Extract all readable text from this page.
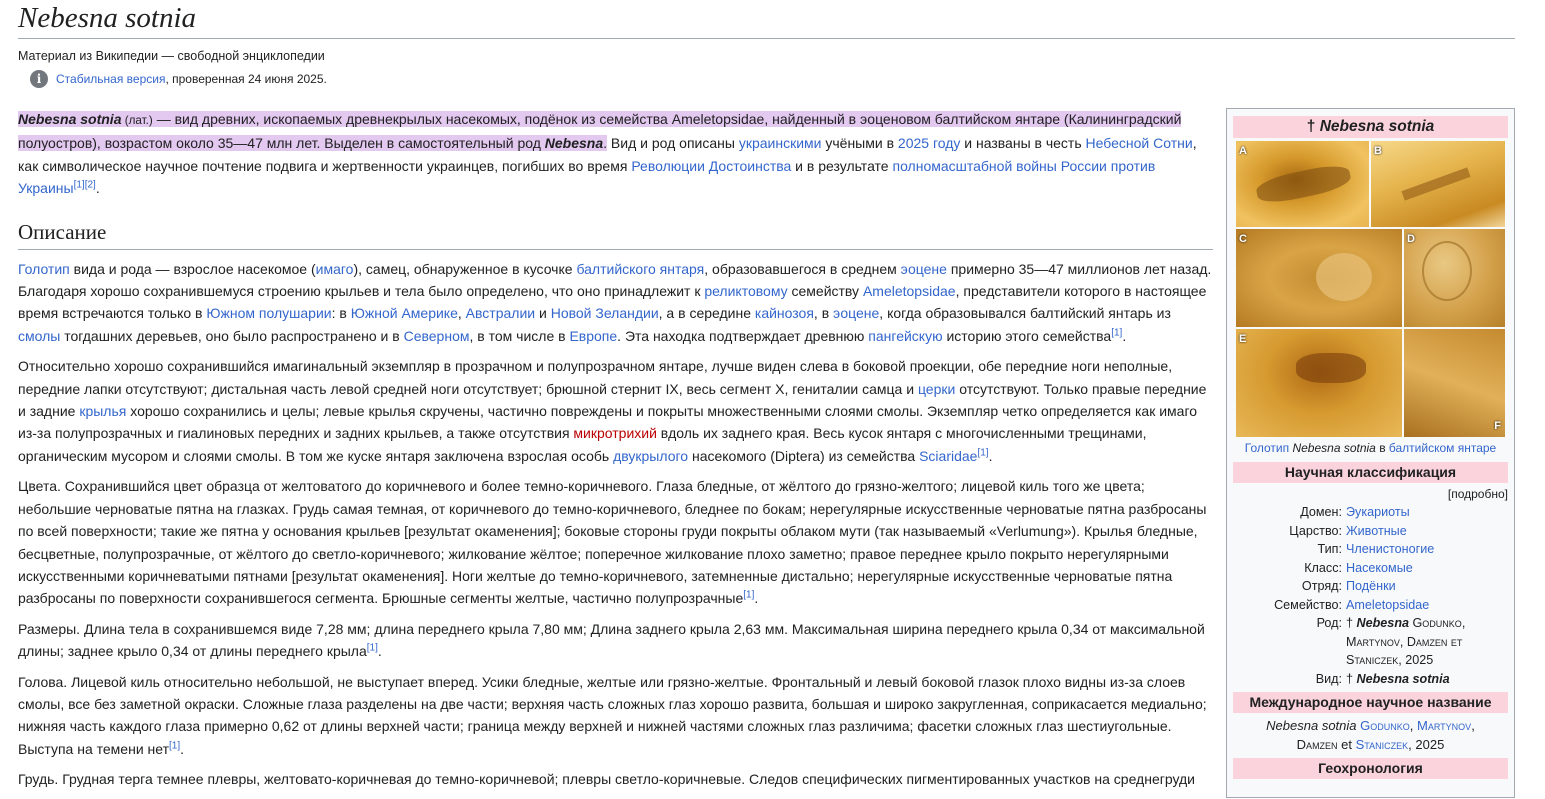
Nebesna sotnia
Материал из Википедии — свободной энциклопедии
i	Стабильная версия , проверенная 24 июня 2025.

Nebesna sotnia (лат.) — вид древних, ископаемых древнекрылых насекомых, подёнок из семейства Ameletopsidae, найденный в эоценовом балтийском янтаре (Калининградский полуостров), возрастом около 35—47 млн лет. Выделен в самостоятельный род Nebesna. Вид и род описаны украинскими учёными в 2025 году и названы в честь Небесной Сотни, как символическое научное почтение подвига и жертвенности украинцев, погибших во время Революции Достоинства и в результате полномасштабной войны России против Украины[1][2].

Описание

Голотип вида и рода — взрослое насекомое (имаго), самец, обнаруженное в кусочке балтийского янтаря, образовавшегося в среднем эоцене примерно 35—47 миллионов лет назад. Благодаря хорошо сохранившемуся строению крыльев и тела было определено, что оно принадлежит к реликтовому семейству Ameletopsidae, представители которого в настоящее время встречаются только в Южном полушарии: в Южной Америке, Австралии и Новой Зеландии, а в середине кайнозоя, в эоцене, когда образовывался балтийский янтарь из смолы тогдашних деревьев, оно было распространено и в Северном, в том числе в Европе. Эта находка подтверждает древнюю пангейскую историю этого семейства[1].

Относительно хорошо сохранившийся имагинальный экземпляр в прозрачном и полупрозрачном янтаре, лучше виден слева в боковой проекции, обе передние ноги неполные, передние лапки отсутствуют; дистальная часть левой средней ноги отсутствует; брюшной стернит IX, весь сегмент X, гениталии самца и церки отсутствуют. Только правые передние и задние крылья хорошо сохранились и целы; левые крылья скручены, частично повреждены и покрыты множественными слоями смолы. Экземпляр четко определяется как имаго из-за полупрозрачных и гиалиновых передних и задних крыльев, а также отсутствия микротрихий вдоль их заднего края. Весь кусок янтаря с многочисленными трещинами, органическим мусором и слоями смолы. В том же куске янтаря заключена взрослая особь двукрылого насекомого (Diptera) из семейства Sciaridae[1].

Цвета. Сохранившийся цвет образца от желтоватого до коричневого и более темно-коричневого. Глаза бледные, от жёлтого до грязно-желтого; лицевой киль того же цвета; небольшие черноватые пятна на глазках. Грудь самая темная, от коричневого до темно-коричневого, бледнее по бокам; нерегулярные искусственные черноватые пятна разбросаны по всей поверхности; такие же пятна у основания крыльев [результат окаменения]; боковые стороны груди покрыты облаком мути (так называемый «Verlumung»). Крылья бледные, бесцветные, полупрозрачные, от жёлтого до светло-коричневого; жилкование жёлтое; поперечное жилкование плохо заметно; правое переднее крыло покрыто нерегулярными искусственными коричневатыми пятнами [результат окаменения]. Ноги желтые до темно-коричневого, затемненные дистально; нерегулярные искусственные черноватые пятна разбросаны по поверхности сохранившегося сегмента. Брюшные сегменты желтые, частично полупрозрачные[1].

Размеры. Длина тела в сохранившемся виде 7,28 мм; длина переднего крыла 7,80 мм; Длина заднего крыла 2,63 мм. Максимальная ширина переднего крыла 0,34 от максимальной длины; заднее крыло 0,34 от длины переднего крыла[1].

Голова. Лицевой киль относительно небольшой, не выступает вперед. Усики бледные, желтые или грязно-желтые. Фронтальный и левый боковой глазок плохо видны из-за слоев смолы, все без заметной окраски. Сложные глаза разделены на две части; верхняя часть сложных глаз хорошо развита, большая и широко закругленная, соприкасается медиально; нижняя часть каждого глаза примерно 0,62 от длины верхней части; граница между верхней и нижней частями сложных глаз различима; фасетки сложных глаз шестиугольные. Выступа на темени нет[1].

Грудь. Грудная терга темнее плевры, желтовато-коричневая до темно-коричневой; плевры светло-коричневые. Следов специфических пигментированных участков на среднегруди

† Nebesna sotnia
A	B
C	D
E
F
Голотип Nebesna sotnia в балтийском янтаре
Научная классификация
[подробно]
Домен:	Эукариоты
Царство:	Животные
Тип:	Членистоногие
Класс:	Насекомые
Отряд:	Подёнки
Семейство:	Ameletopsidae
Род:	† Nebesna Godunko, Martynov, Damzen et Staniczek, 2025
Вид:	† Nebesna sotnia
Международное научное название
Nebesna sotnia Godunko, Martynov,
Damzen et Staniczek, 2025
Геохронология
